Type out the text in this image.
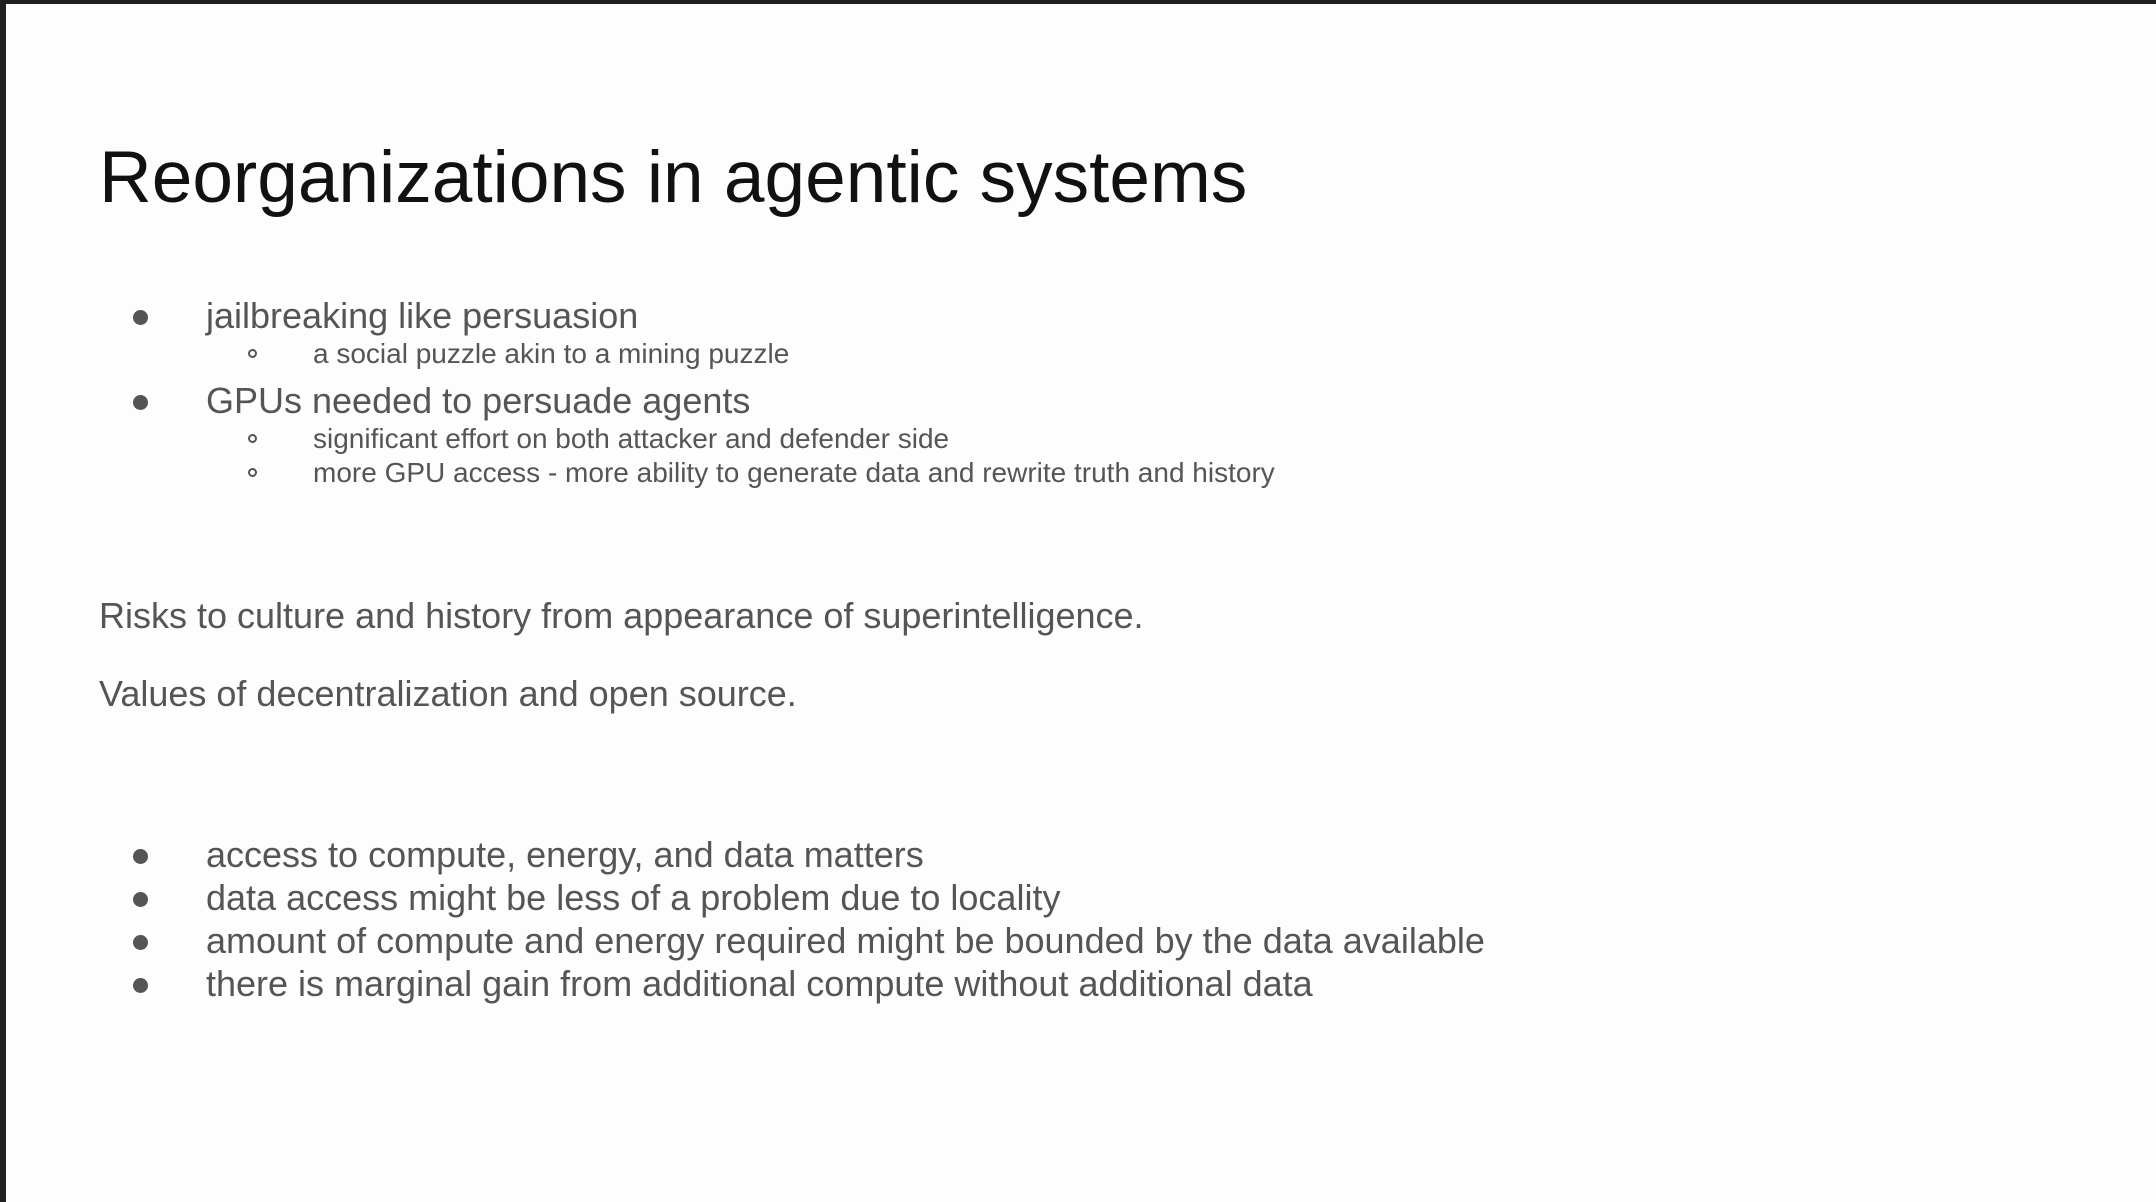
Reorganizations in agentic systems
jailbreaking like persuasion
a social puzzle akin to a mining puzzle
GPUs needed to persuade agents
significant effort on both attacker and defender side
more GPU access - more ability to generate data and rewrite truth and history
Risks to culture and history from appearance of superintelligence.
Values of decentralization and open source.
access to compute, energy, and data matters
data access might be less of a problem due to locality
amount of compute and energy required might be bounded by the data available
there is marginal gain from additional compute without additional data
